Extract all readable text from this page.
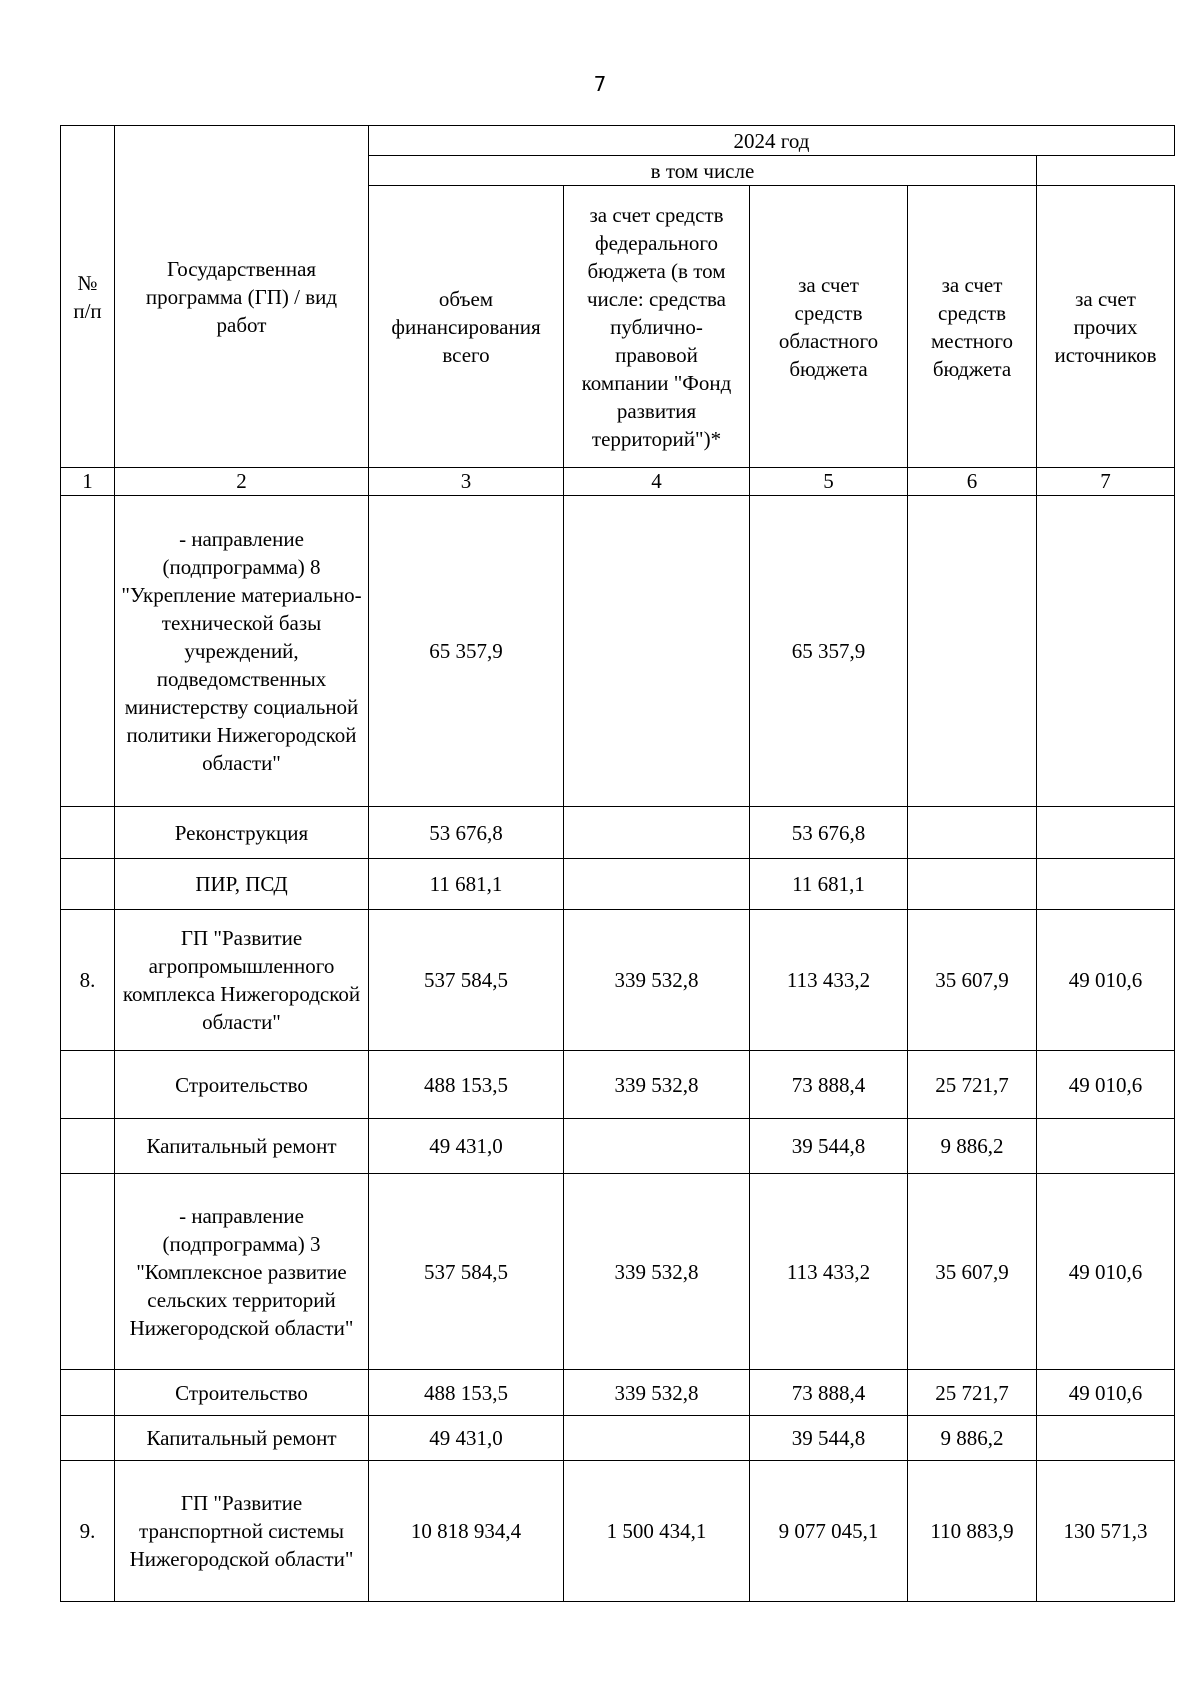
7
№ п/п	Государственная программа (ГП) / вид работ	2024 год				
		в том числе				
		объем финансирования всего	за счет средств федерального бюджета (в том числе: средства публично-правовой компании "Фонд развития территорий")*	за счет средств областного бюджета	за счет средств местного бюджета	за счет прочих источников
1	2	3	4	5	6	7
	- направление (подпрограмма) 8 "Укрепление материально-технической базы учреждений, подведомственных министерству социальной политики Нижегородской области"	65 357,9		65 357,9		
	Реконструкция	53 676,8		53 676,8		
	ПИР, ПСД	11 681,1		11 681,1		
8.	ГП "Развитие агропромышленного комплекса Нижегородской области"	537 584,5	339 532,8	113 433,2	35 607,9	49 010,6
	Строительство	488 153,5	339 532,8	73 888,4	25 721,7	49 010,6
	Капитальный ремонт	49 431,0		39 544,8	9 886,2	
	- направление (подпрограмма) 3 "Комплексное развитие сельских территорий Нижегородской области"	537 584,5	339 532,8	113 433,2	35 607,9	49 010,6
	Строительство	488 153,5	339 532,8	73 888,4	25 721,7	49 010,6
	Капитальный ремонт	49 431,0		39 544,8	9 886,2	
9.	ГП "Развитие транспортной системы Нижегородской области"	10 818 934,4	1 500 434,1	9 077 045,1	110 883,9	130 571,3
